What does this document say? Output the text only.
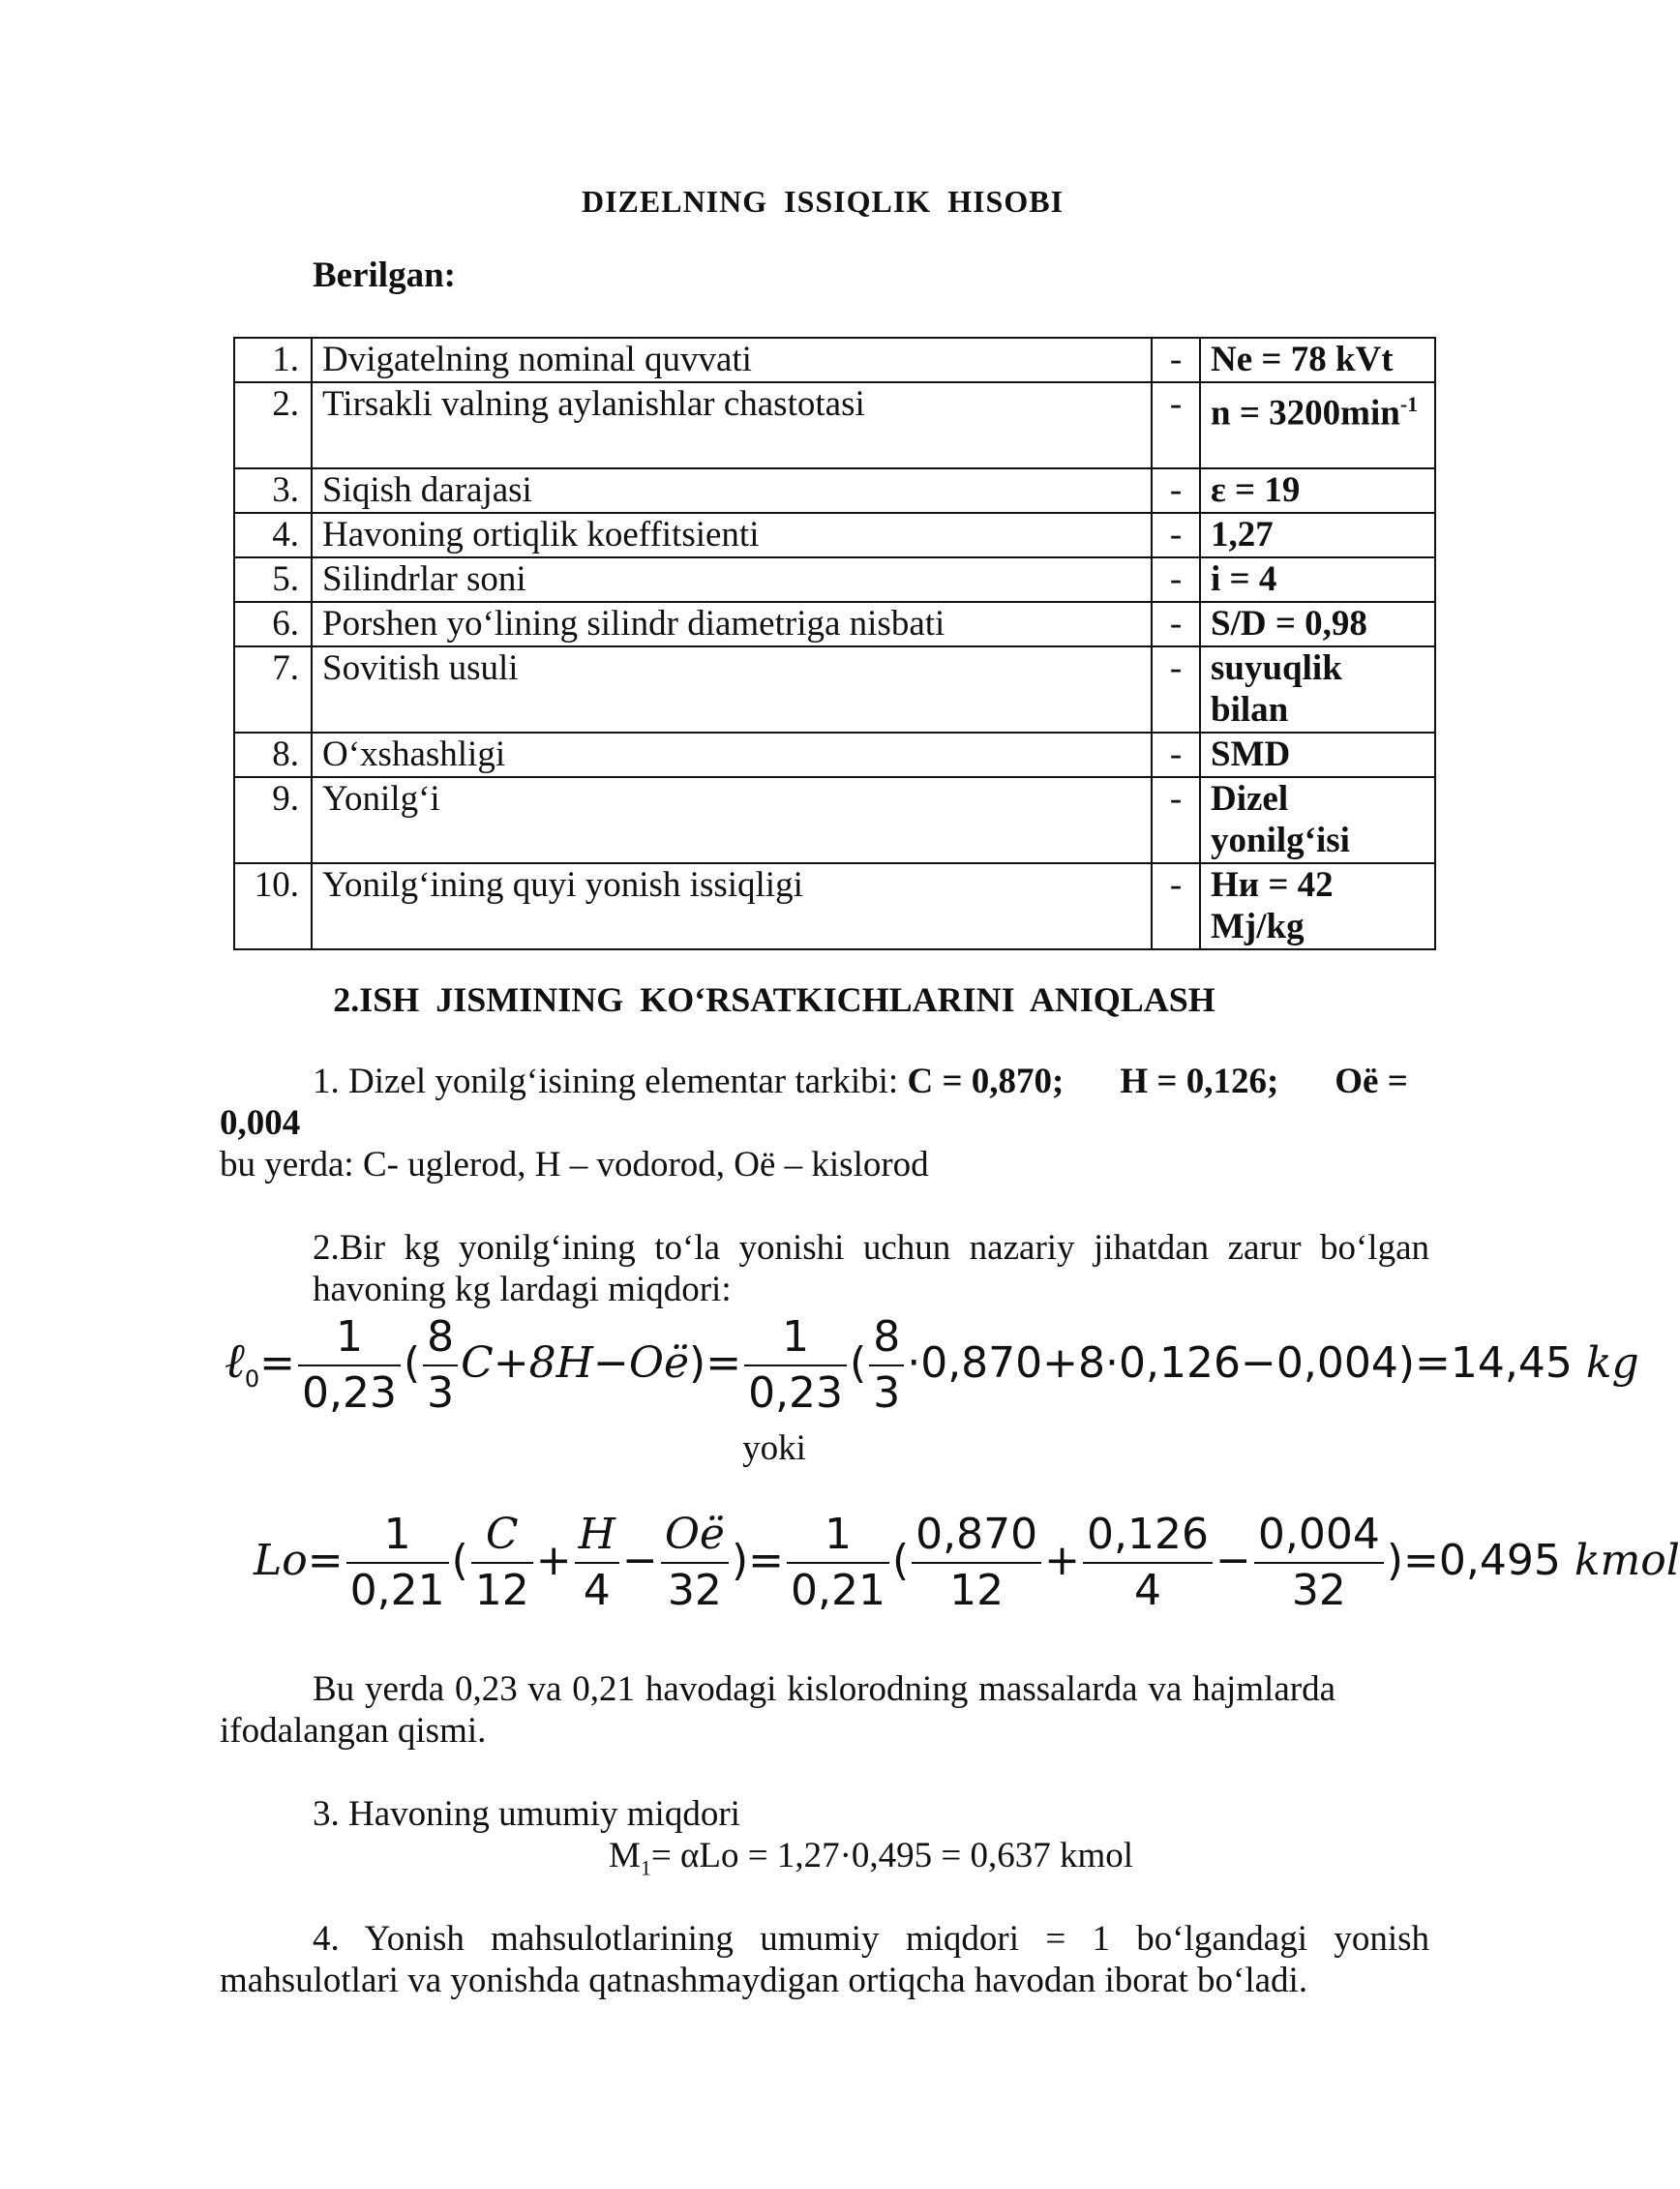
DIZELNING ISSIQLIK HISOBI
Berilgan:
1.	Dvigatelning nominal quvvati	-	Ne = 78 kVt
2.	Tirsakli valning aylanishlar chastotasi	-	$n = 3200\min^{-1}$
3.	Siqish darajasi	-	ε = 19
4.	Havoning ortiqlik koeffitsienti	-	1,27
5.	Silindrlar soni	-	i = 4
6.	Porshen yo‘lining silindr diametriga nisbati	-	S/D = 0,98
7.	Sovitish usuli	-	suyuqlik bilan
8.	O‘xshashligi	-	SMD
9.	Yonilg‘i	-	Dizel yonilg‘isi
10.	Yonilg‘ining quyi yonish issiqligi	-	Hи = 42 Mj/kg
2.ISH JISMINING KO‘RSATKICHLARINI ANIQLASH

1. Dizel yonilg‘isining elementar tarkibi: C = 0,870; H = 0,126; Oё =
0,004
bu yerda: C- uglerod, H – vodorod, Oё – kislorod

2.Bir kg yonilg‘ining to‘la yonishi uchun nazariy jihatdan zarur bo‘lgan

havoning kg lardagi miqdori:

ℓ$_0$= $\frac{1}{0,23}$ ( $\frac{8}{3} C+8H-Oё)= \frac{1}{0,23}$ ( $\frac{8}{3} \cdot 0,870+8\cdot 0,126-0,004)=14,45$ kg
yoki
$Lo= \frac{1}{0,21}$ ( $\frac{C}{12} + \frac{H}{4} - \frac{Oё}{32}$ )= $\frac{1}{0,21}$ ( $\frac{0,870}{12} + \frac{0,126}{4} - \frac{0,004}{32} )=0,495$ kmol

Bu yerda 0,23 va 0,21 havodagi kislorodning massalarda va hajmlarda

ifodalangan qismi.

3. Havoning umumiy miqdori

$M_1= \alpha Lo = 1,27\cdot 0,495 = 0,637$ kmol

4. Yonish mahsulotlarining umumiy miqdori = 1 bo‘lgandagi yonish

mahsulotlari va yonishda qatnashmaydigan ortiqcha havodan iborat bo‘ladi.
